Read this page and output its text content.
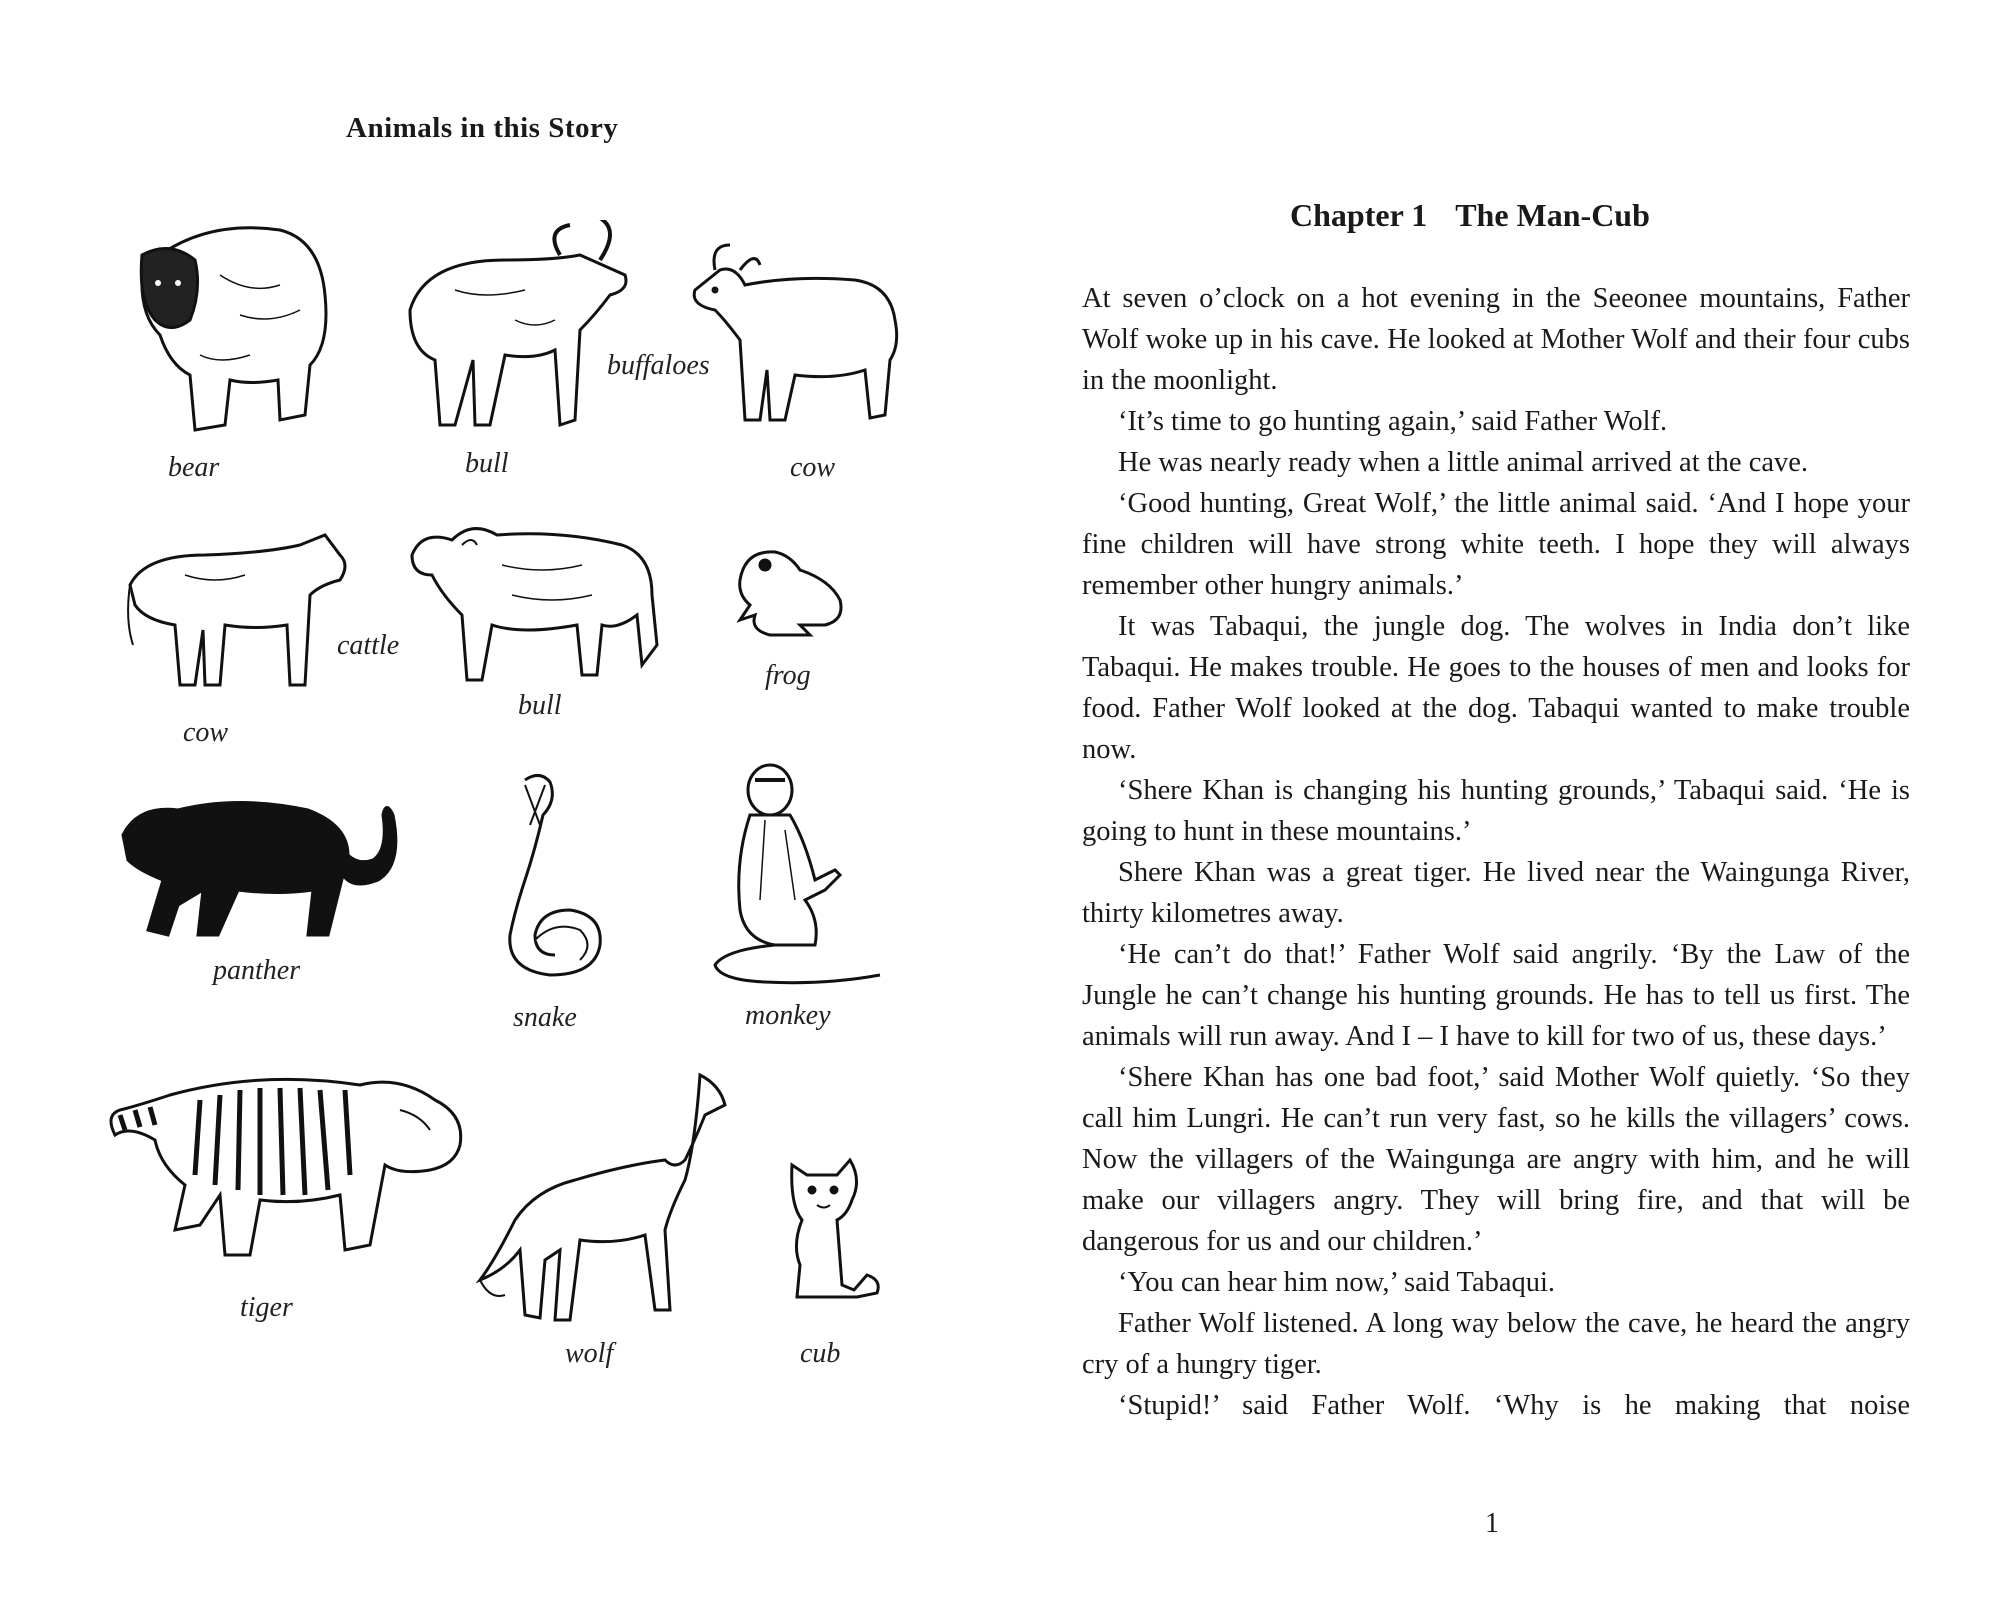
Animals in this Story
bear	bull
buffaloes
cow
cow
cattle
bull
frog
panther
snake	monkey
tiger
wolf	cub
Chapter 1 The Man-Cub

At seven o’clock on a hot evening in the Seeonee mountains, Father Wolf woke up in his cave. He looked at Mother Wolf and their four cubs in the moonlight.

‘It’s time to go hunting again,’ said Father Wolf.

He was nearly ready when a little animal arrived at the cave.

‘Good hunting, Great Wolf,’ the little animal said. ‘And I hope your fine children will have strong white teeth. I hope they will always remember other hungry animals.’

It was Tabaqui, the jungle dog. The wolves in India don’t like Tabaqui. He makes trouble. He goes to the houses of men and looks for food. Father Wolf looked at the dog. Tabaqui wanted to make trouble now.

‘Shere Khan is changing his hunting grounds,’ Tabaqui said. ‘He is going to hunt in these mountains.’

Shere Khan was a great tiger. He lived near the Waingunga River, thirty kilometres away.

‘He can’t do that!’ Father Wolf said angrily. ‘By the Law of the Jungle he can’t change his hunting grounds. He has to tell us first. The animals will run away. And I – I have to kill for two of us, these days.’

‘Shere Khan has one bad foot,’ said Mother Wolf quietly. ‘So they call him Lungri. He can’t run very fast, so he kills the villagers’ cows. Now the villagers of the Waingunga are angry with him, and he will make our villagers angry. They will bring fire, and that will be dangerous for us and our children.’

‘You can hear him now,’ said Tabaqui.

Father Wolf listened. A long way below the cave, he heard the angry cry of a hungry tiger.

‘Stupid!’ said Father Wolf. ‘Why is he making that noise

1
